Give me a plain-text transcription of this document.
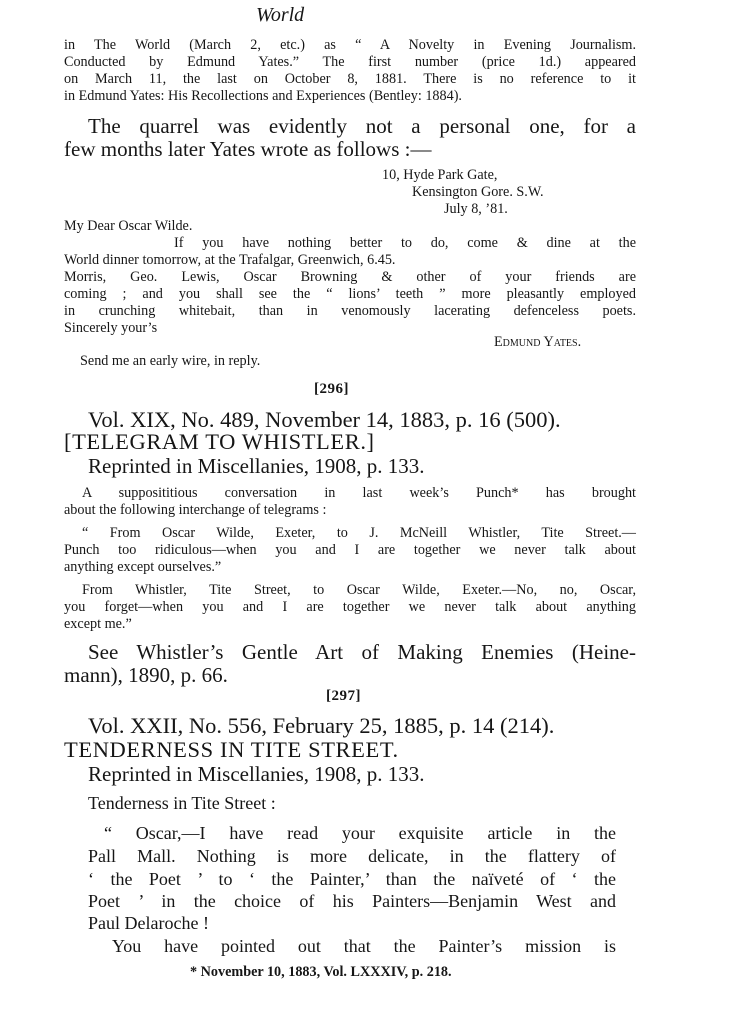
World
in The World (March 2, etc.) as “ A Novelty in Evening Journalism.
Conducted by Edmund Yates.” The first number (price 1d.) appeared
on March 11, the last on October 8, 1881. There is no reference to it
in Edmund Yates: His Recollections and Experiences (Bentley: 1884).
The quarrel was evidently not a personal one, for a
few months later Yates wrote as follows :—
10, Hyde Park Gate,
Kensington Gore. S.W.
July 8, ’81.
My Dear Oscar Wilde.
If you have nothing better to do, come & dine at the
World dinner tomorrow, at the Trafalgar, Greenwich, 6.45.
Morris, Geo. Lewis, Oscar Browning & other of your friends are
coming ; and you shall see the “ lions’ teeth ” more pleasantly employed
in crunching whitebait, than in venomously lacerating defenceless poets.
Sincerely your’s
Edmund Yates.
Send me an early wire, in reply.
[296]
Vol. XIX, No. 489, November 14, 1883, p. 16 (500).
[TELEGRAM TO WHISTLER.]
Reprinted in Miscellanies, 1908, p. 133.
A supposititious conversation in last week’s Punch* has brought
about the following interchange of telegrams :
“ From Oscar Wilde, Exeter, to J. McNeill Whistler, Tite Street.—
Punch too ridiculous—when you and I are together we never talk about
anything except ourselves.”
From Whistler, Tite Street, to Oscar Wilde, Exeter.—No, no, Oscar,
you forget—when you and I are together we never talk about anything
except me.”
See Whistler’s Gentle Art of Making Enemies (Heine-
mann), 1890, p. 66.
[297]
Vol. XXII, No. 556, February 25, 1885, p. 14 (214).
TENDERNESS IN TITE STREET.
Reprinted in Miscellanies, 1908, p. 133.
Tenderness in Tite Street :
“ Oscar,—I have read your exquisite article in the
Pall Mall. Nothing is more delicate, in the flattery of
‘ the Poet ’ to ‘ the Painter,’ than the naïveté of ‘ the
Poet ’ in the choice of his Painters—Benjamin West and
Paul Delaroche !
You have pointed out that the Painter’s mission is
* November 10, 1883, Vol. LXXXIV, p. 218.
